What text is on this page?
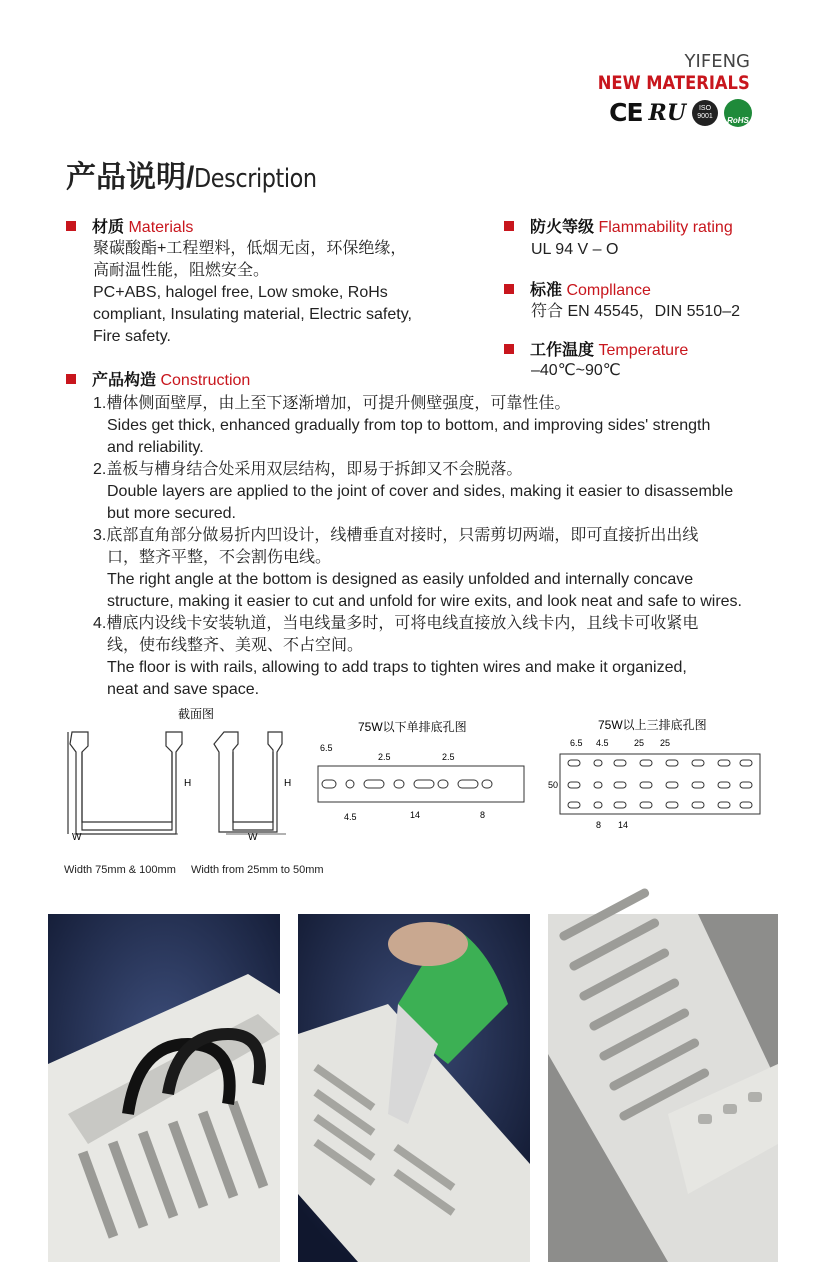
YIFENG
NEW MATERIALS
CE RU	ISO 9001	RoHS
产品说明/Description
材质 Materials
聚碳酸酯+工程塑料，低烟无卤，环保绝缘，
高耐温性能，阻燃安全。
PC+ABS, halogel free, Low smoke, RoHs
compliant, Insulating material, Electric safety,
Fire safety.
防火等级 Flammability rating
UL 94 V – O
标准 Compllance
符合 EN 45545，DIN 5510–2
工作温度 Temperature
–40℃~90℃
产品构造 Construction
1.槽体侧面壁厚，由上至下逐渐增加，可提升侧壁强度，可靠性佳。
Sides get thick, enhanced gradually from top to bottom, and improving sides' strength
and reliability.
2.盖板与槽身结合处采用双层结构，即易于拆卸又不会脱落。
Double layers are applied to the joint of cover and sides, making it easier to disassemble
but more secured.
3.底部直角部分做易折内凹设计，线槽垂直对接时，只需剪切两端，即可直接折出出线
口，整齐平整，不会割伤电线。
The right angle at the bottom is designed as easily unfolded and internally concave
structure, making it easier to cut and unfold for wire exits, and look neat and safe to wires.
4.槽底内设线卡安装轨道，当电线量多时，可将电线直接放入线卡内，且线卡可收紧电
线，使布线整齐、美观、不占空间。
The floor is with rails, allowing to add traps to tighten wires and make it organized,
neat and save space.
截面图
W
H
W
H
75W以下单排底孔图
6.5
2.5	2.5
4.5	14	8
75W以上三排底孔图
6.5 4.5	25 25
50
8 14
Width 75mm & 100mm Width from 25mm to 50mm
